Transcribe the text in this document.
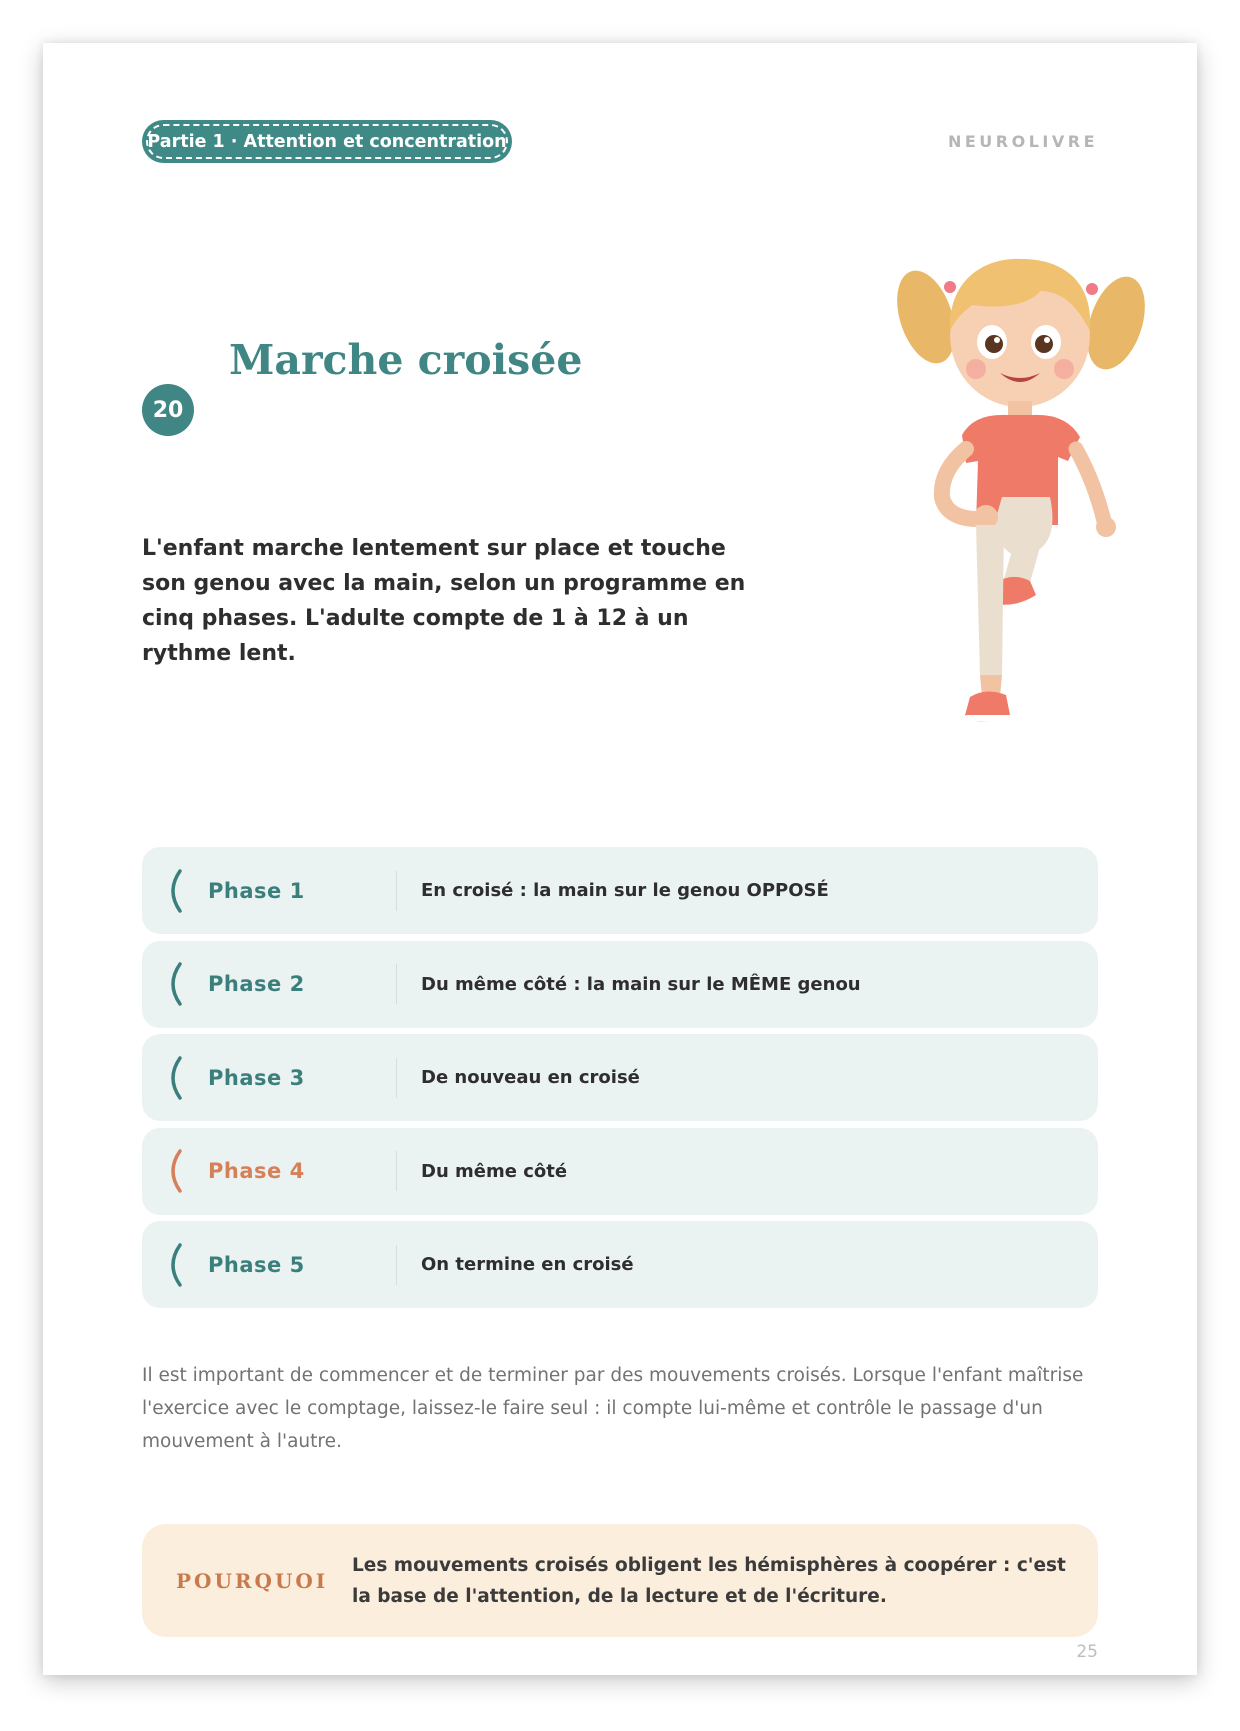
Partie 1 · Attention et concentration	NEUROLIVRE
Marche croisée
20
L'enfant marche lentement sur place et touche son genou avec la main, selon un programme en cinq phases. L'adulte compte de 1 à 12 à un rythme lent.
Phase 1	En croisé : la main sur le genou OPPOSÉ
Phase 2	Du même côté : la main sur le MÊME genou
Phase 3	De nouveau en croisé
Phase 4	Du même côté
Phase 5	On termine en croisé
Il est important de commencer et de terminer par des mouvements croisés. Lorsque l'enfant maîtrise l'exercice avec le comptage, laissez-le faire seul : il compte lui-même et contrôle le passage d'un mouvement à l'autre.
POURQUOI
Les mouvements croisés obligent les hémisphères à coopérer : c'est la base de l'attention, de la lecture et de l'écriture.
25
